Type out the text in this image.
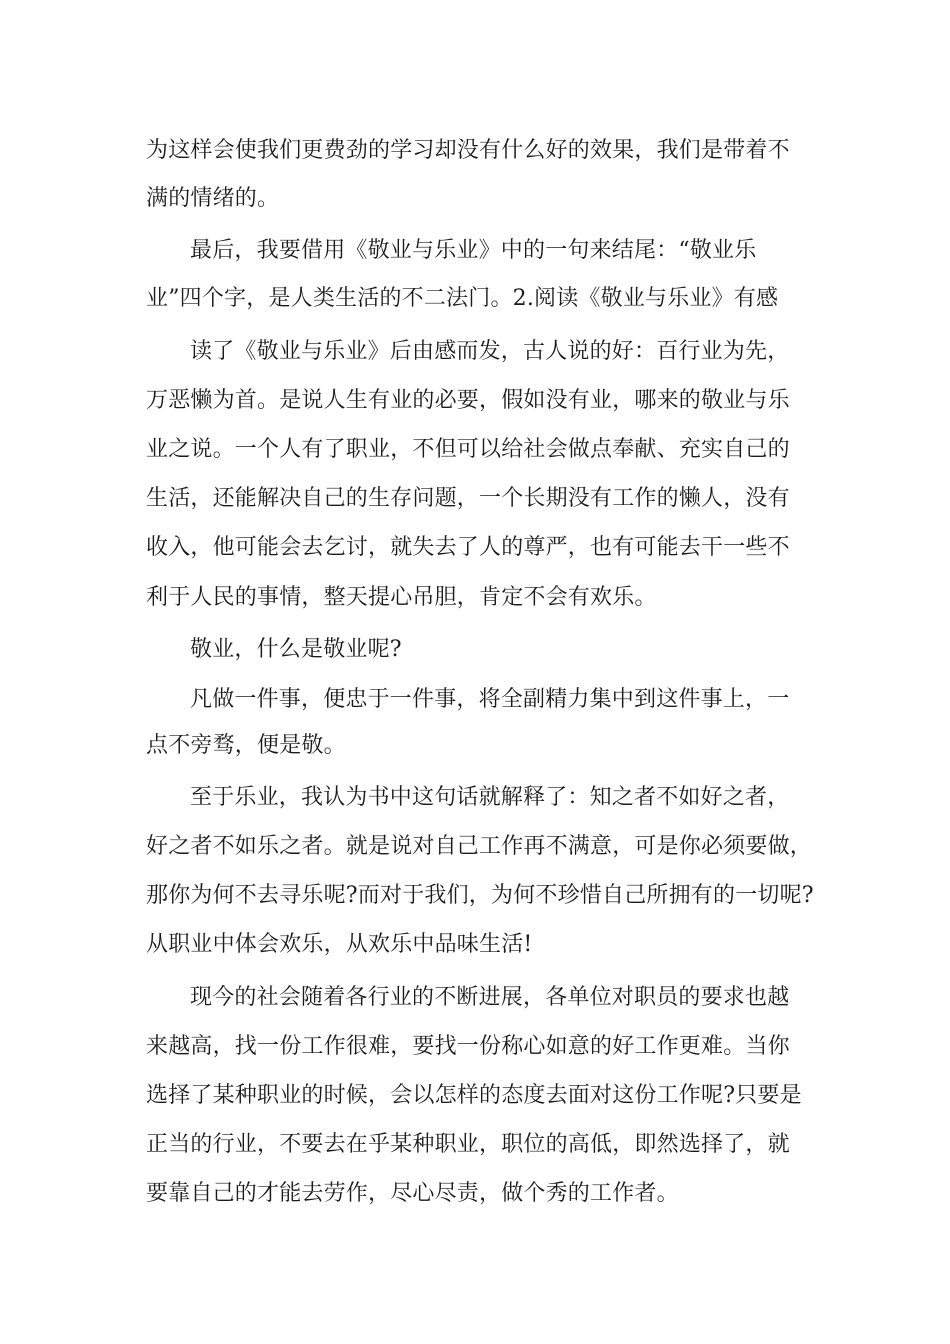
为这样会使我们更费劲的学习却没有什么好的效果，我们是带着不
满的情绪的。
最后，我要借用《敬业与乐业》中的一句来结尾：“敬业乐
业”四个字，是人类生活的不二法门。2.阅读《敬业与乐业》有感
读了《敬业与乐业》后由感而发，古人说的好：百行业为先，
万恶懒为首。是说人生有业的必要，假如没有业，哪来的敬业与乐
业之说。一个人有了职业，不但可以给社会做点奉献、充实自己的
生活，还能解决自己的生存问题，一个长期没有工作的懒人，没有
收入，他可能会去乞讨，就失去了人的尊严，也有可能去干一些不
利于人民的事情，整天提心吊胆，肯定不会有欢乐。
敬业，什么是敬业呢?
凡做一件事，便忠于一件事，将全副精力集中到这件事上，一
点不旁骛，便是敬。
至于乐业，我认为书中这句话就解释了：知之者不如好之者，
好之者不如乐之者。就是说对自己工作再不满意，可是你必须要做，
那你为何不去寻乐呢?而对于我们，为何不珍惜自己所拥有的一切呢?
从职业中体会欢乐，从欢乐中品味生活!
现今的社会随着各行业的不断进展，各单位对职员的要求也越
来越高，找一份工作很难，要找一份称心如意的好工作更难。当你
选择了某种职业的时候，会以怎样的态度去面对这份工作呢?只要是
正当的行业，不要去在乎某种职业，职位的高低，即然选择了，就
要靠自己的才能去劳作，尽心尽责，做个秀的工作者。
